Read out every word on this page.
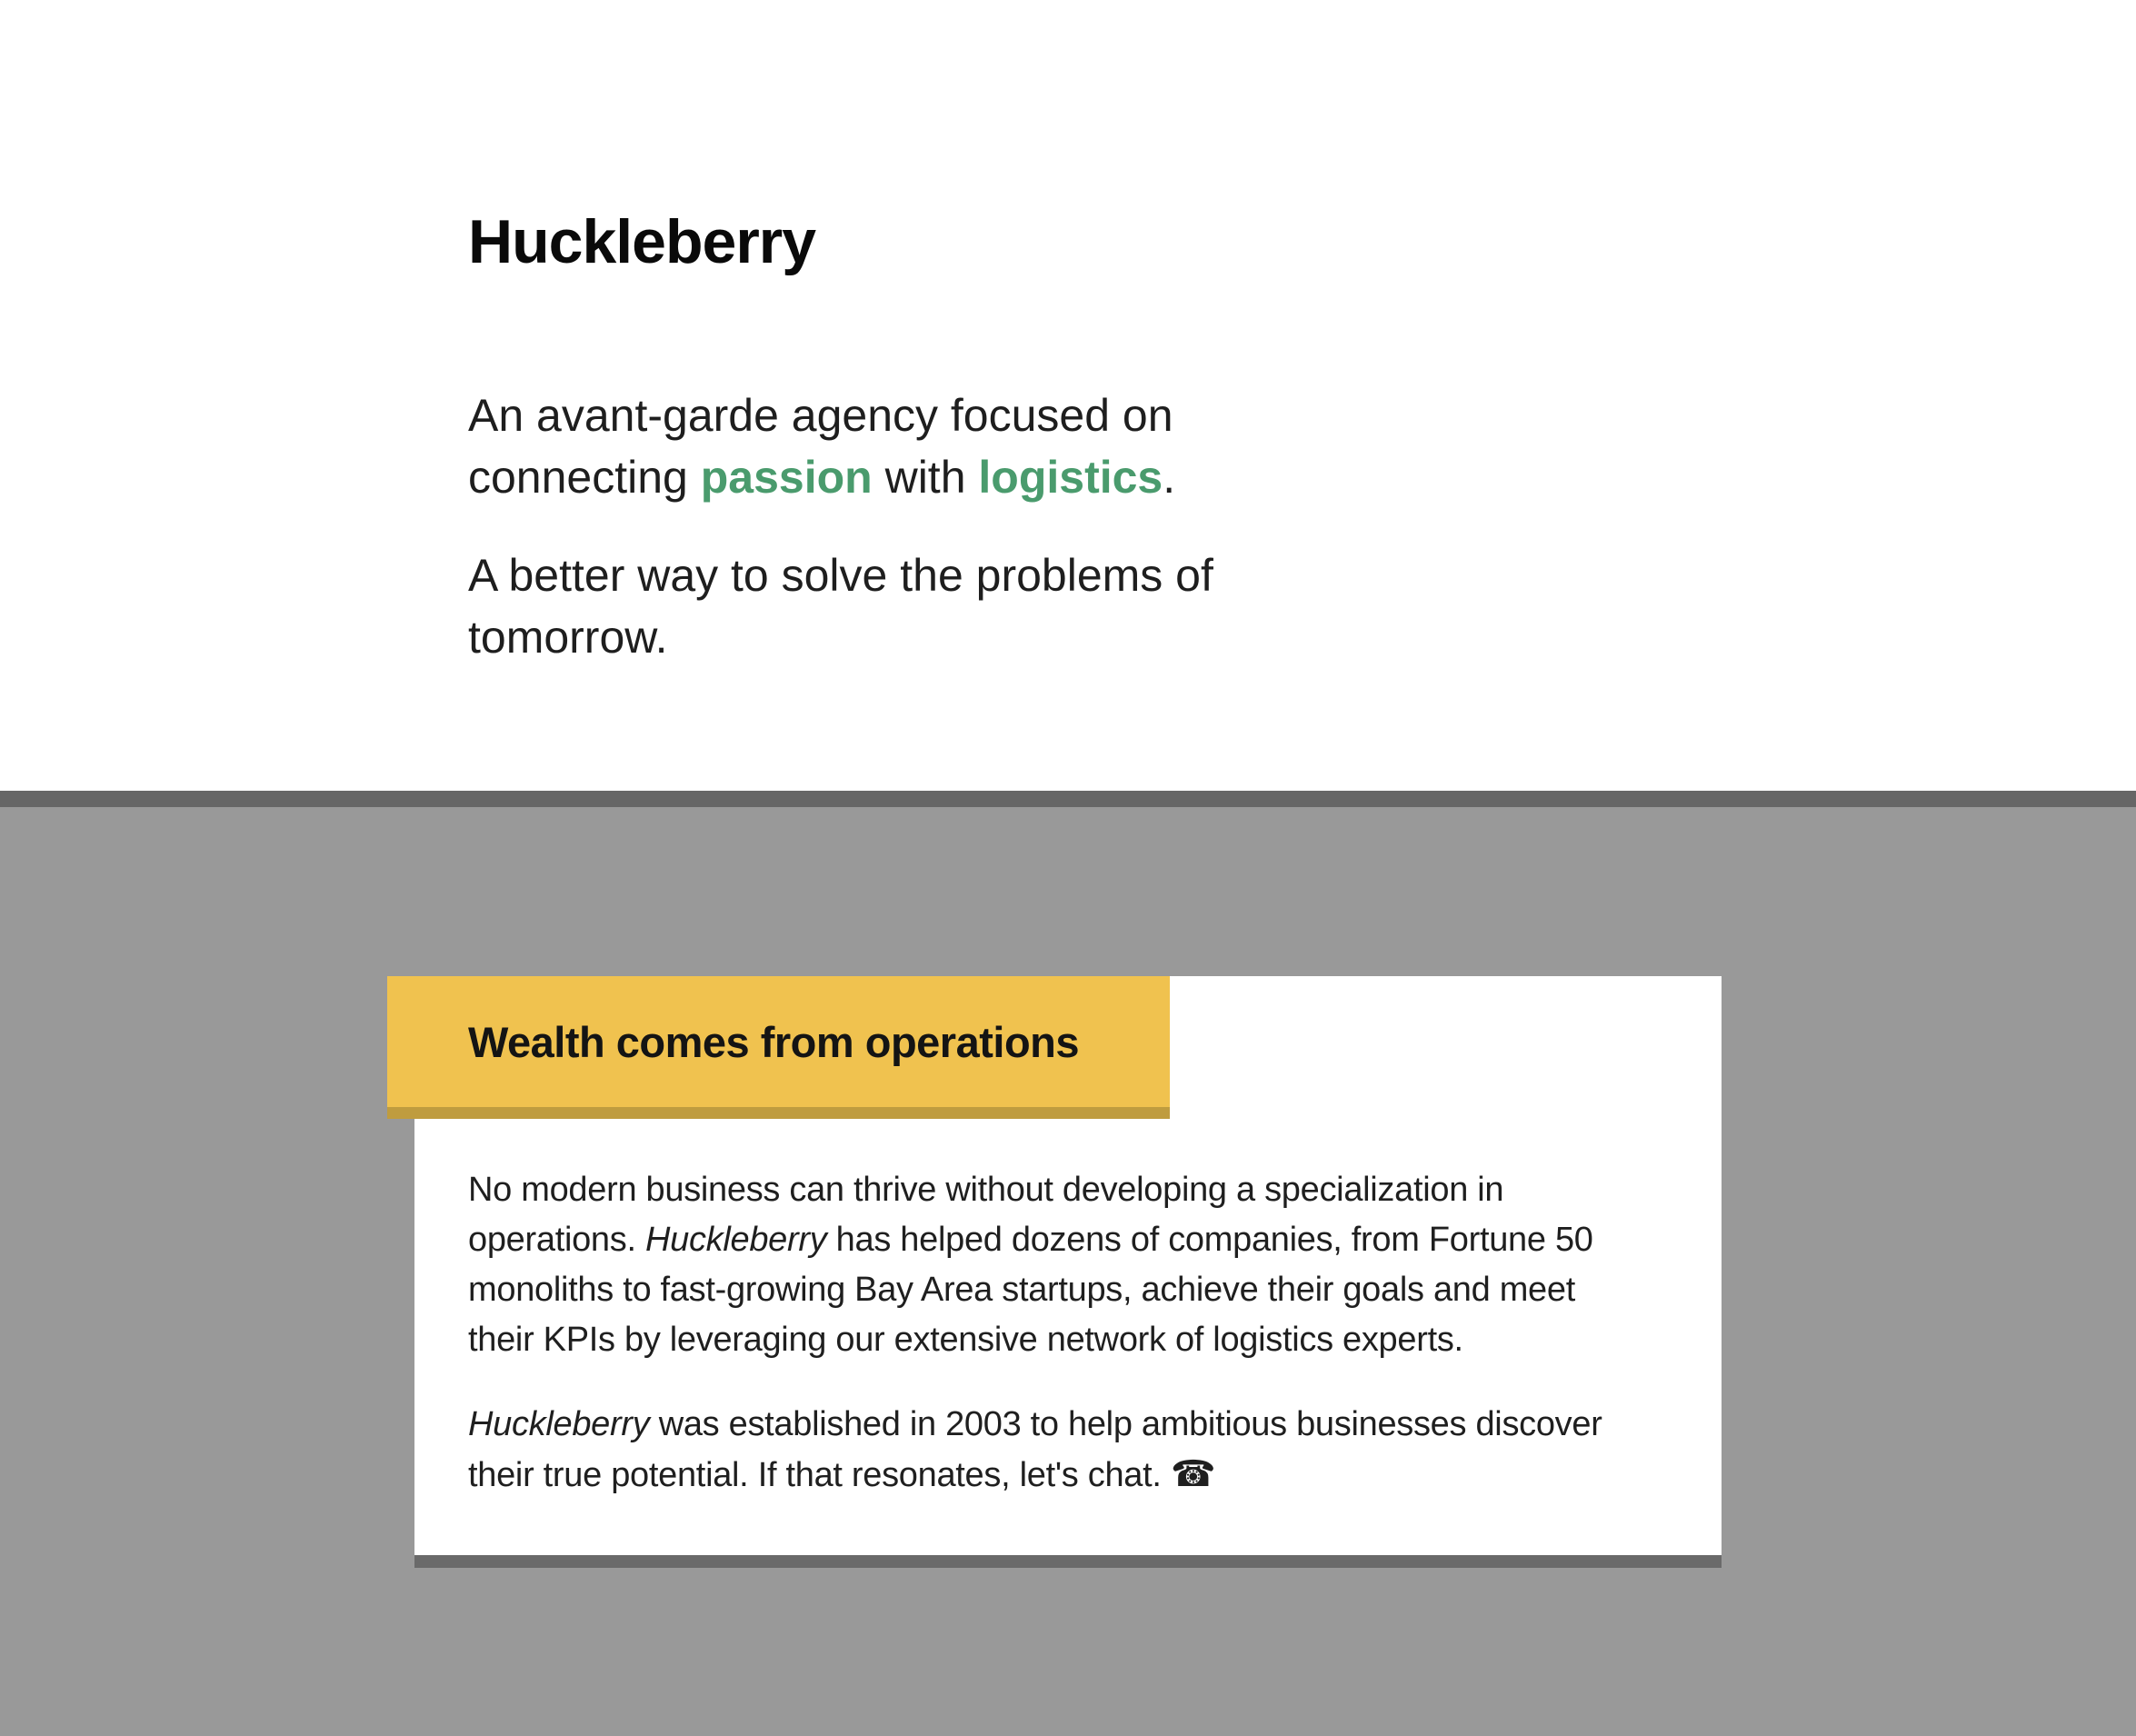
Huckleberry

An avant-garde agency focused on
connecting passion with logistics.

A better way to solve the problems of
tomorrow.

Wealth comes from operations

No modern business can thrive without developing a specialization in
operations. Huckleberry has helped dozens of companies, from Fortune 50
monoliths to fast-growing Bay Area startups, achieve their goals and meet
their KPIs by leveraging our extensive network of logistics experts.

Huckleberry was established in 2003 to help ambitious businesses discover
their true potential. If that resonates, let's chat. ☎
